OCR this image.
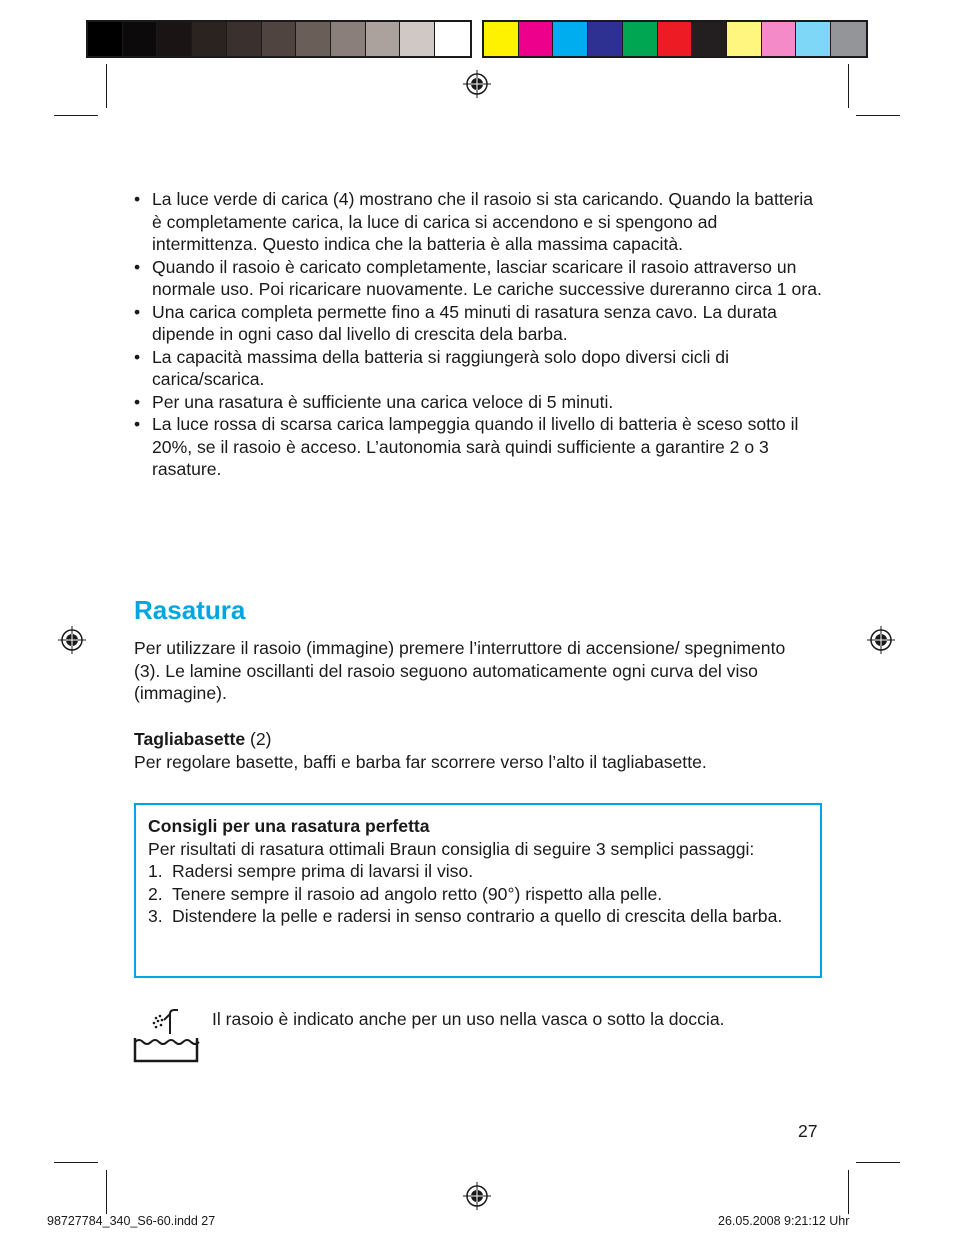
• La luce verde di carica (4) mostrano che il rasoio si sta caricando. Quando la batteria è completamente carica, la luce di carica si accendono e si spengono ad intermittenza. Questo indica che la batteria è alla massima capacità.
• Quando il rasoio è caricato completamente, lasciar scaricare il rasoio attraverso un normale uso. Poi ricaricare nuovamente. Le cariche successive dureranno circa 1 ora.
• Una carica completa permette fino a 45 minuti di rasatura senza cavo. La durata dipende in ogni caso dal livello di crescita dela barba.
• La capacità massima della batteria si raggiungerà solo dopo diversi cicli di carica/scarica.
• Per una rasatura è sufficiente una carica veloce di 5 minuti.
• La luce rossa di scarsa carica lampeggia quando il livello di batteria è sceso sotto il 20%, se il rasoio è acceso. L’autonomia sarà quindi sufficiente a garantire 2 o 3 rasature.
Rasatura
Per utilizzare il rasoio (immagine) premere l’interruttore di accensione/ spegnimento (3). Le lamine oscillanti del rasoio seguono automaticamente ogni curva del viso (immagine).
Tagliabasette (2)
Per regolare basette, baffi e barba far scorrere verso l’alto il tagliabasette.
Consigli per una rasatura perfetta
Per risultati di rasatura ottimali Braun consiglia di seguire 3 semplici passaggi:
1. Radersi sempre prima di lavarsi il viso.
2. Tenere sempre il rasoio ad angolo retto (90°) rispetto alla pelle.
3. Distendere la pelle e radersi in senso contrario a quello di crescita della barba.
Il rasoio è indicato anche per un uso nella vasca o sotto la doccia.
27
98727784_340_S6-60.indd 27	26.05.2008 9:21:12 Uhr
